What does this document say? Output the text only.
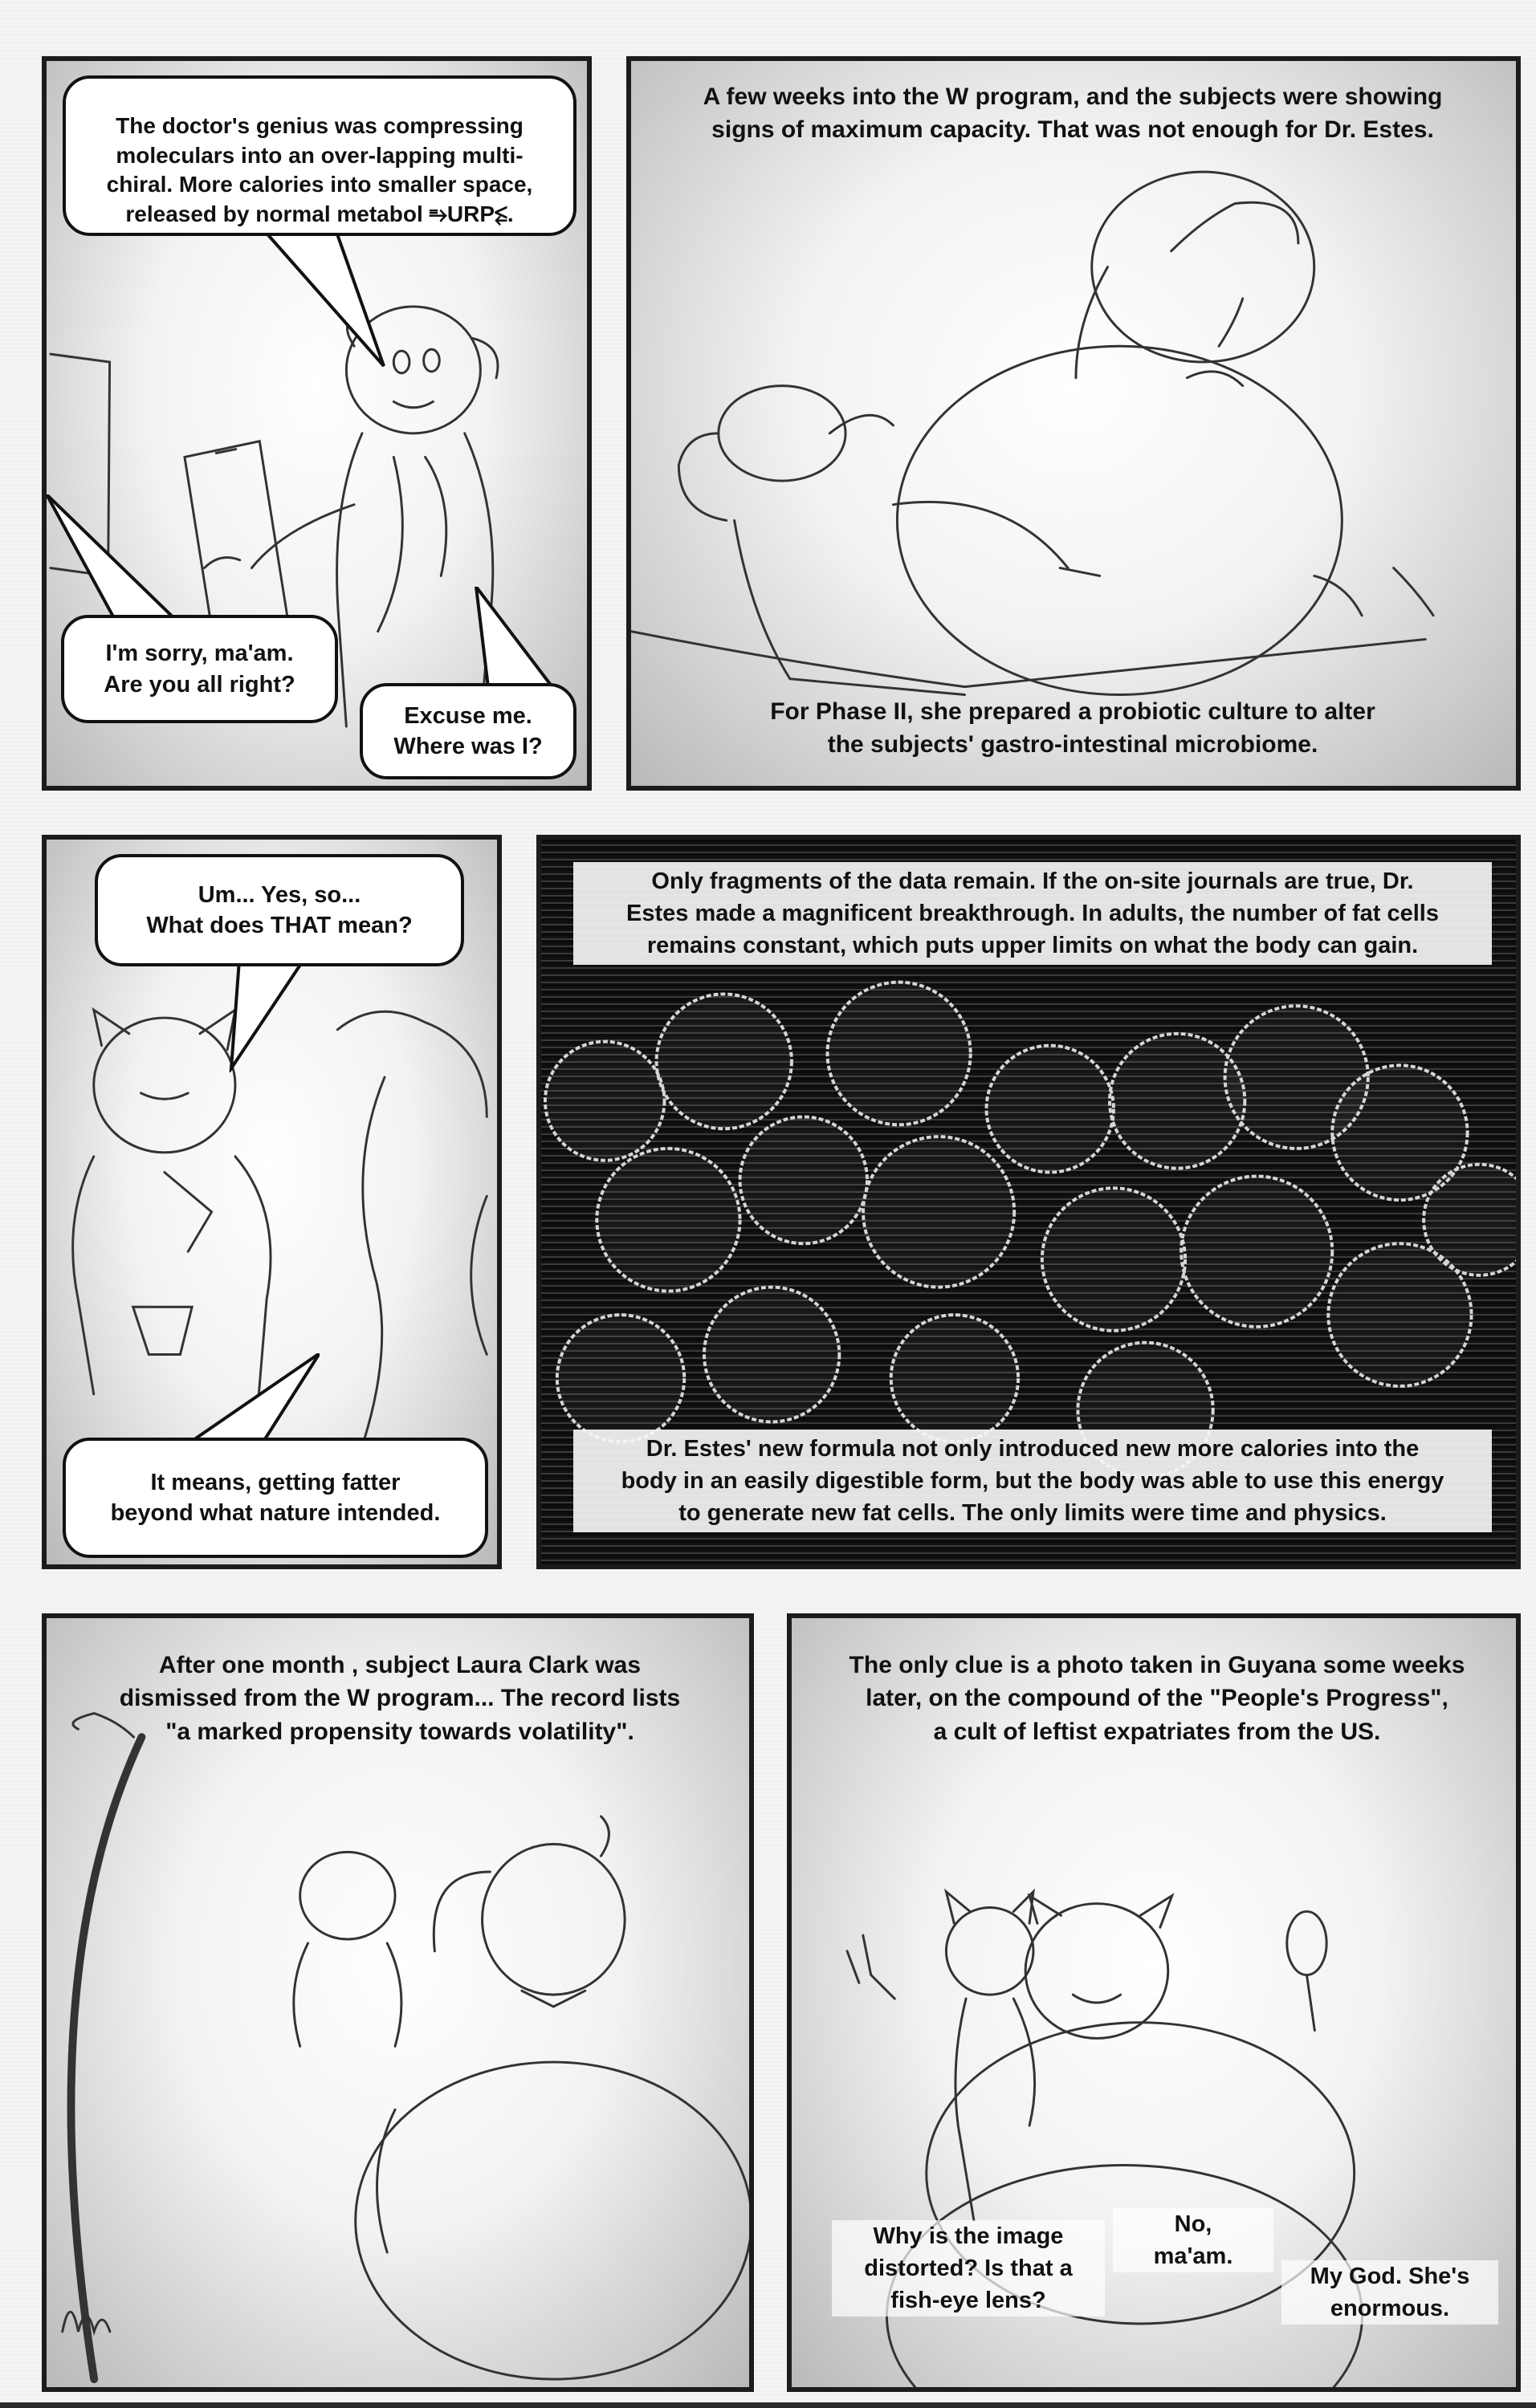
The doctor's genius was compressing
moleculars into an over-lapping multi-
chiral. More calories into smaller space,
released by normal metabol ⥱URP⥶.

I'm sorry, ma'am.
Are you all right?
Excuse me.
Where was I?
A few weeks into the W program, and the subjects were showing
signs of maximum capacity. That was not enough for Dr. Estes.
For Phase II, she prepared a probiotic culture to alter
the subjects' gastro-intestinal microbiome.
Um... Yes, so...
What does THAT mean?
It means, getting fatter
beyond what nature intended.
Only fragments of the data remain. If the on-site journals are true, Dr.
Estes made a magnificent breakthrough. In adults, the number of fat cells
remains constant, which puts upper limits on what the body can gain.
Dr. Estes' new formula not only introduced new more calories into the
body in an easily digestible form, but the body was able to use this energy
to generate new fat cells. The only limits were time and physics.
After one month , subject Laura Clark was
dismissed from the W program... The record lists
"a marked propensity towards volatility".
The only clue is a photo taken in Guyana some weeks
later, on the compound of the "People's Progress",
a cult of leftist expatriates from the US.
Why is the image
distorted? Is that a
fish-eye lens?
No,
ma'am.
My God. She's
enormous.
